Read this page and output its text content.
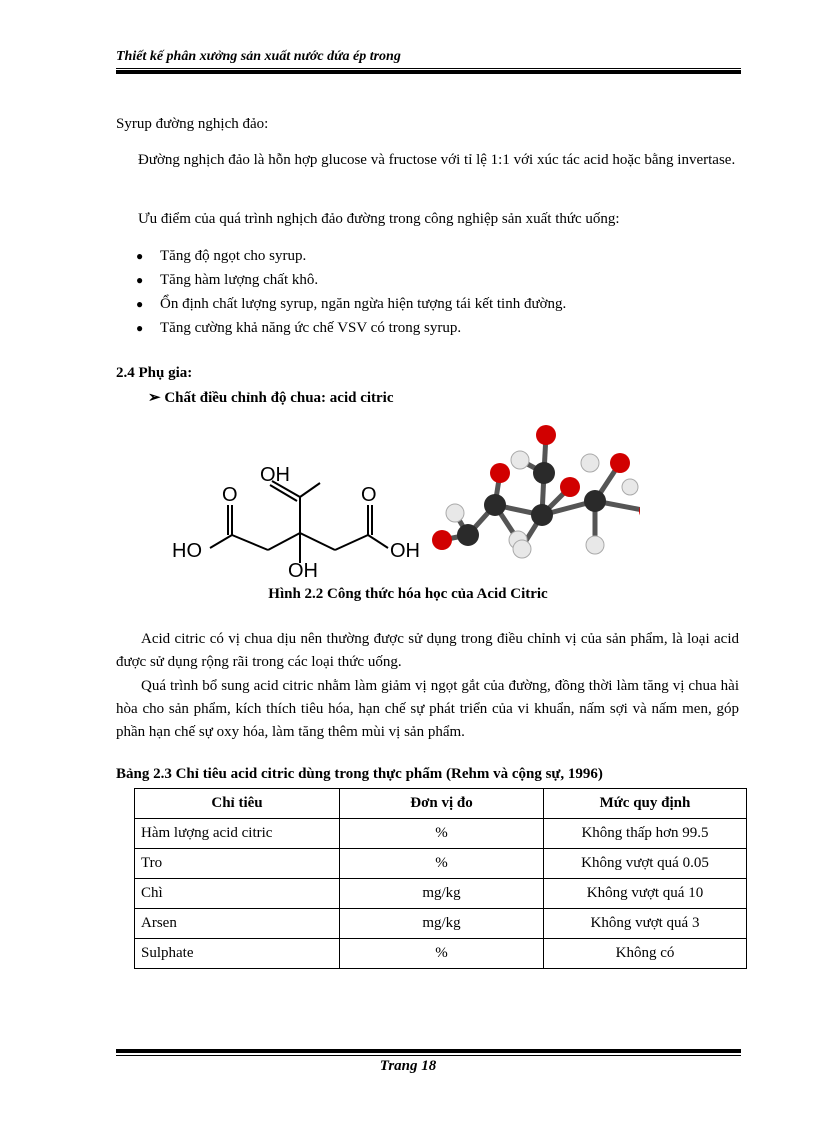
Thiết kế phân xưởng sản xuất nước dứa ép trong
Syrup đường nghịch đảo:
Đường nghịch đảo là hỗn hợp glucose và fructose với tỉ lệ 1:1 với xúc tác acid hoặc bằng invertase.
Ưu điểm của quá trình nghịch đảo đường trong công nghiệp sản xuất thức uống:
●	Tăng độ ngọt cho syrup.
●	Tăng hàm lượng chất khô.
●	Ổn định chất lượng syrup, ngăn ngừa hiện tượng tái kết tinh đường.
●	Tăng cường khả năng ức chế VSV có trong syrup.
2.4 Phụ gia:
➢ Chất điều chỉnh độ chua: acid citric
OH
O	O
HO	OH
OH
Hình 2.2 Công thức hóa học của Acid Citric
Acid citric có vị chua dịu nên thường được sử dụng trong điều chỉnh vị của sản phẩm, là loại acid được sử dụng rộng rãi trong các loại thức uống.
Quá trình bổ sung acid citric nhằm làm giảm vị ngọt gắt của đường, đồng thời làm tăng vị chua hài hòa cho sản phẩm, kích thích tiêu hóa, hạn chế sự phát triển của vi khuẩn, nấm sợi và nấm men, góp phần hạn chế sự oxy hóa, làm tăng thêm mùi vị sản phẩm.
Bảng 2.3 Chỉ tiêu acid citric dùng trong thực phẩm (Rehm và cộng sự, 1996)
Chỉ tiêu	Đơn vị đo	Mức quy định
Hàm lượng acid citric	%	Không thấp hơn 99.5
Tro	%	Không vượt quá 0.05
Chì	mg/kg	Không vượt quá 10
Arsen	mg/kg	Không vượt quá 3
Sulphate	%	Không có
Trang 18
